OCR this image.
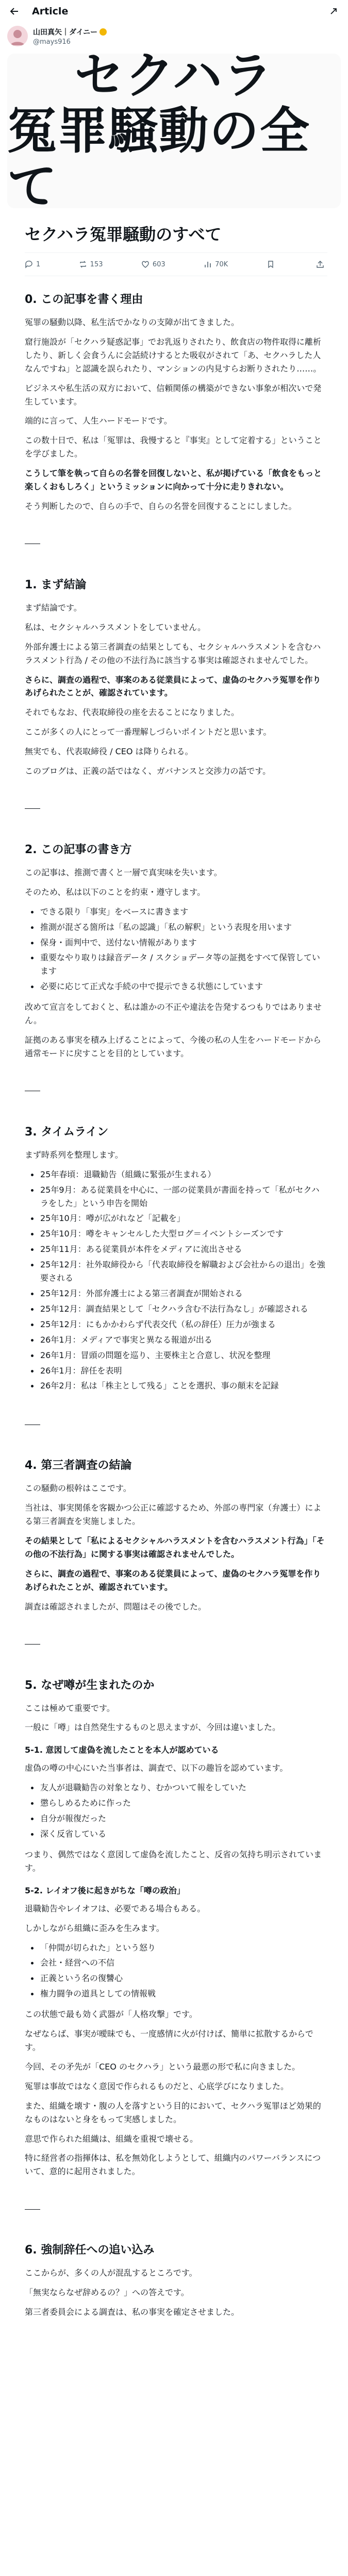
Article
山田真矢｜ダイニー
@mays916
セクハラ
冤罪騒動の全て
セクハラ冤罪騒動のすべて
1	153	603	70K
0. この記事を書く理由

冤罪の騒動以降、私生活でかなりの支障が出てきました。

窟行施設が「セクハラ疑惑記事」でお乳返りされたり、飲食店の物件取得に離析したり、新しく会食うんに会話続けするとた吸収がされて「あ、セクハラした人なんですね」と認識を誤られたり、マンションの内見すらお断りされたり……。

ビジネスや私生活の双方において、信頼関係の構築ができない事象が相次いで発生しています。

端的に言って、人生ハードモードです。

この数十日で、私は「冤罪は、我慢すると『事実』として定着する」ということを学びました。

こうして筆を執って自らの名誉を回復しないと、私が掲げている「飲食をもっと楽しくおもしろく」というミッションに向かって十分に走りきれない。

そう判断したので、自らの手で、自らの名誉を回復することにしました。

1. まず結論

まず結論です。

私は、セクシャルハラスメントをしていません。

外部弁護士による第三者調査の結果としても、セクシャルハラスメントを含むハラスメント行為 / その他の不法行為に該当する事実は確認されませんでした。

さらに、調査の過程で、事案のある従業員によって、虚偽のセクハラ冤罪を作りあげられたことが、確認されています。

それでもなお、代表取締役の座を去ることになりました。

ここが多くの人にとって一番理解しづらいポイントだと思います。

無実でも、代表取締役 / CEO は降りられる。

このブログは、正義の話ではなく、ガバナンスと交渉力の話です。

2. この記事の書き方

この記事は、推測で書くと一層で真実味を失います。

そのため、私は以下のことを約束・遵守します。

できる限り「事実」をベースに書きます
推測が混ざる箇所は「私の認識」「私の解釈」という表現を用います
保身・面判中で、送付ない情報があります
重要なやり取りは録音データ / スクショデータ等の証拠をすべて保管しています
必要に応じて正式な手続の中で提示できる状態にしています

改めて宣言をしておくと、私は誰かの不正や違法を告発するつもりではありません。

証拠のある事実を積み上げることによって、今後の私の人生をハードモードから通常モードに戻すことを目的としています。

3. タイムライン

まず時系列を整理します。

25年春頃：退職勧告（組織に緊張が生まれる）
25年9月：ある従業員を中心に、一部の従業員が書面を持って「私がセクハラをした」という申告を開始
25年10月：噂が広がれなど「記載を」
25年10月：噂をキャンセルした大型ログ＝イベントシーズンです
25年11月：ある従業員が本件をメディアに流出させる
25年12月：社外取締役から「代表取締役を解職および会社からの退出」を強要される
25年12月：外部弁護士による第三者調査が開始される
25年12月：調査結果として「セクハラ含む不法行為なし」が確認される
25年12月：にもかかわらず代表交代（私の辞任）圧力が強まる
26年1月：メディアで事実と異なる報道が出る
26年1月：冒頭の問題を巡り、主要株主と合意し、状況を整理
26年1月：辞任を表明
26年2月：私は「株主として残る」ことを選択、事の顛末を記録
4. 第三者調査の結論

この騒動の根幹はここです。

当社は、事実関係を客観かつ公正に確認するため、外部の専門家（弁護士）による第三者調査を実施しました。

その結果として「私によるセクシャルハラスメントを含むハラスメント行為」「その他の不法行為」に関する事実は確認されませんでした。

さらに、調査の過程で、事案のある従業員によって、虚偽のセクハラ冤罪を作りあげられたことが、確認されています。

調査は確認されましたが、問題はその後でした。

5. なぜ噂が生まれたのか

ここは極めて重要です。

一般に「噂」は自然発生するものと思えますが、今回は違いました。

5-1. 意図して虚偽を流したことを本人が認めている

虚偽の噂の中心にいた当事者は、調査で、以下の趣旨を認めています。

友人が退職勧告の対象となり、むかついて報をしていた
懲らしめるために作った
自分が報復だった
深く反省している

つまり、偶然ではなく意図して虚偽を流したこと、反省の気持ち明示されています。

5-2. レイオフ後に起きがちな「噂の政治」

退職勧告やレイオフは、必要である場合もある。

しかしながら組織に歪みを生みます。

「仲間が切られた」という怒り
会社・経営への不信
正義という名の復讐心
権力闘争の道具としての情報戦

この状態で最も効く武器が「人格攻撃」です。

なぜならば、事実が曖昧でも、一度感情に火が付けば、簡単に拡散するからです。

今回、その矛先が「CEO のセクハラ」という最悪の形で私に向きました。

冤罪は事故ではなく意図で作られるものだと、心底学びになりました。

また、組織を壊す・腹の人を落すという目的において、セクハラ冤罪ほど効果的なものはないと身をもって実感しました。

意思で作られた組織は、組織を重視で壊せる。

特に経営者の指揮体は、私を無効化しようとして、組織内のパワーバランスについて、意的に起用されました。

6. 強制辞任への追い込み

ここからが、多くの人が混乱するところです。

「無実ならなぜ辞めるの？」への答えです。

第三者委員会による調査は、私の事実を確定させました。
